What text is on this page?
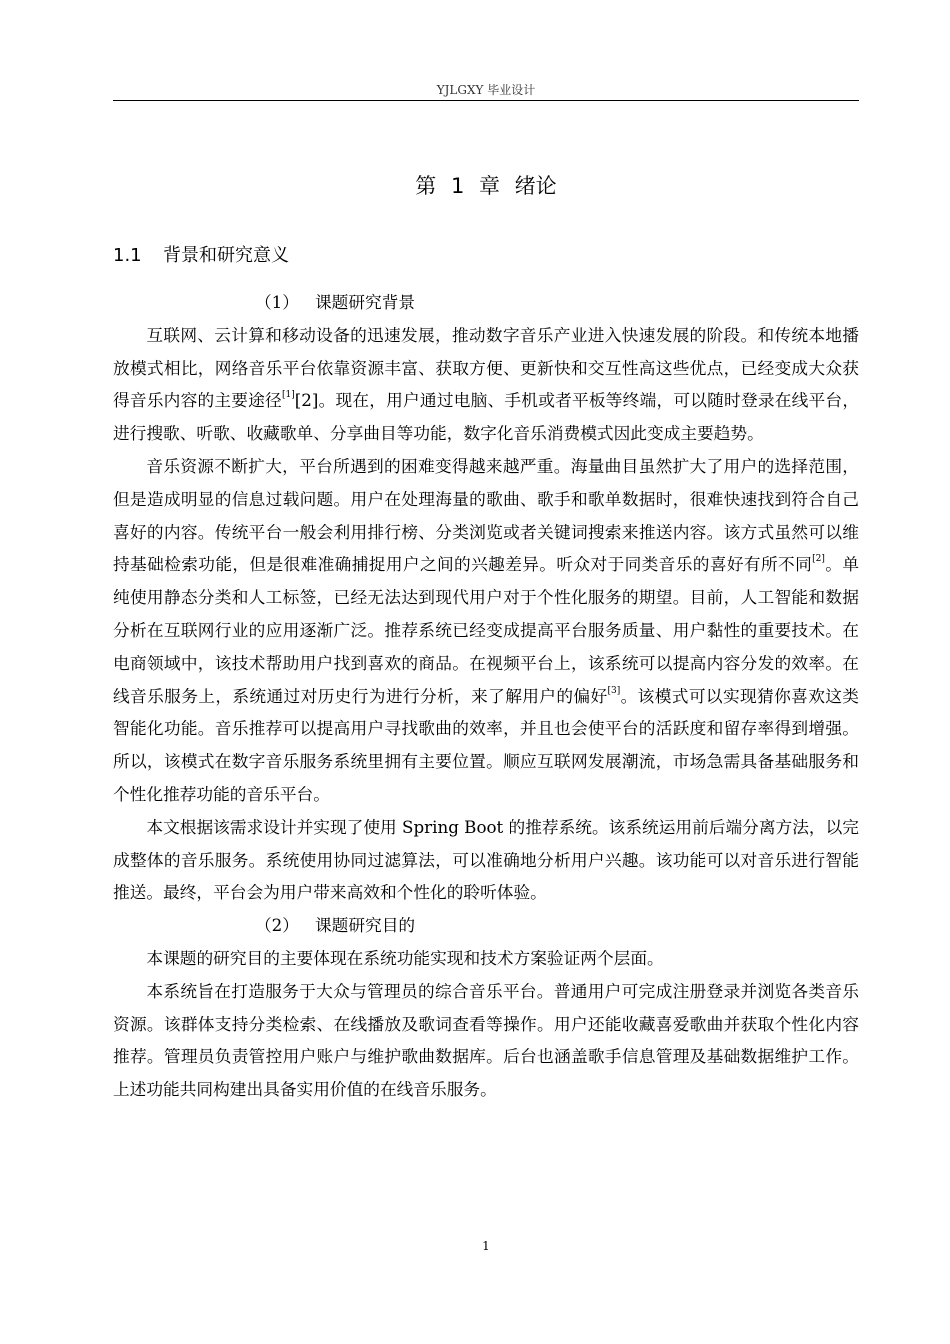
YJLGXY 毕业设计
第 1 章 绪论
1.1 背景和研究意义

（1） 课题研究背景

互联网、云计算和移动设备的迅速发展，推动数字音乐产业进入快速发展的阶段。和传统本地播放模式相比，网络音乐平台依靠资源丰富、获取方便、更新快和交互性高这些优点，已经变成大众获得音乐内容的主要途径[1][2]。现在，用户通过电脑、手机或者平板等终端，可以随时登录在线平台，进行搜歌、听歌、收藏歌单、分享曲目等功能，数字化音乐消费模式因此变成主要趋势。

音乐资源不断扩大，平台所遇到的困难变得越来越严重。海量曲目虽然扩大了用户的选择范围，但是造成明显的信息过载问题。用户在处理海量的歌曲、歌手和歌单数据时，很难快速找到符合自己喜好的内容。传统平台一般会利用排行榜、分类浏览或者关键词搜索来推送内容。该方式虽然可以维持基础检索功能，但是很难准确捕捉用户之间的兴趣差异。听众对于同类音乐的喜好有所不同[2]。单纯使用静态分类和人工标签，已经无法达到现代用户对于个性化服务的期望。目前，人工智能和数据分析在互联网行业的应用逐渐广泛。推荐系统已经变成提高平台服务质量、用户黏性的重要技术。在电商领域中，该技术帮助用户找到喜欢的商品。在视频平台上，该系统可以提高内容分发的效率。在线音乐服务上，系统通过对历史行为进行分析，来了解用户的偏好[3]。该模式可以实现猜你喜欢这类智能化功能。音乐推荐可以提高用户寻找歌曲的效率，并且也会使平台的活跃度和留存率得到增强。所以，该模式在数字音乐服务系统里拥有主要位置。顺应互联网发展潮流，市场急需具备基础服务和个性化推荐功能的音乐平台。

本文根据该需求设计并实现了使用 Spring Boot 的推荐系统。该系统运用前后端分离方法，以完成整体的音乐服务。系统使用协同过滤算法，可以准确地分析用户兴趣。该功能可以对音乐进行智能推送。最终，平台会为用户带来高效和个性化的聆听体验。

（2） 课题研究目的

本课题的研究目的主要体现在系统功能实现和技术方案验证两个层面。

本系统旨在打造服务于大众与管理员的综合音乐平台。普通用户可完成注册登录并浏览各类音乐资源。该群体支持分类检索、在线播放及歌词查看等操作。用户还能收藏喜爱歌曲并获取个性化内容推荐。管理员负责管控用户账户与维护歌曲数据库。后台也涵盖歌手信息管理及基础数据维护工作。上述功能共同构建出具备实用价值的在线音乐服务。

1
